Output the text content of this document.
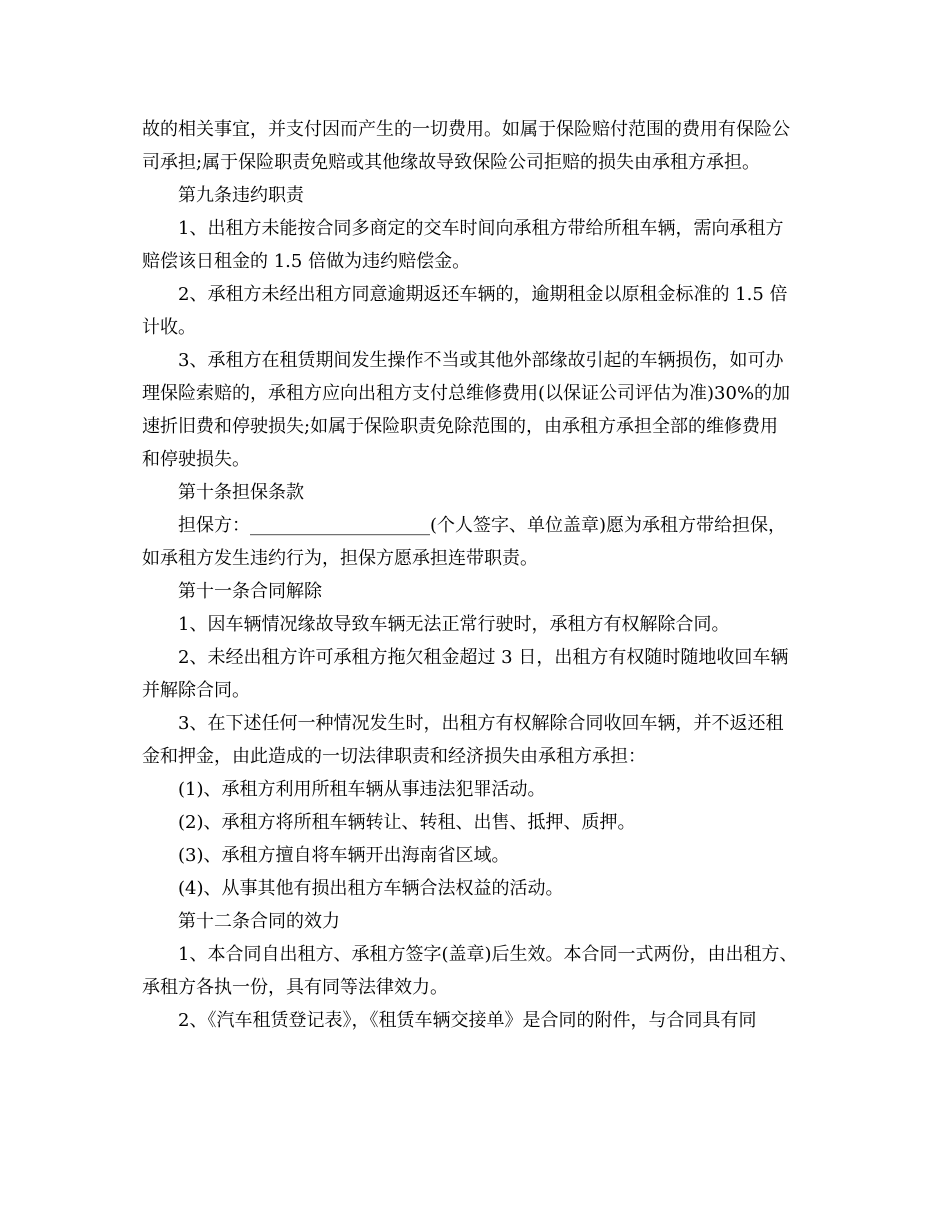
故的相关事宜，并支付因而产生的一切费用。如属于保险赔付范围的费用有保险公
司承担;属于保险职责免赔或其他缘故导致保险公司拒赔的损失由承租方承担。
第九条违约职责
1、出租方未能按合同多商定的交车时间向承租方带给所租车辆，需向承租方
赔偿该日租金的 1.5 倍做为违约赔偿金。
2、承租方未经出租方同意逾期返还车辆的，逾期租金以原租金标准的 1.5 倍
计收。
3、承租方在租赁期间发生操作不当或其他外部缘故引起的车辆损伤，如可办
理保险索赔的，承租方应向出租方支付总维修费用(以保证公司评估为准)30%的加
速折旧费和停驶损失;如属于保险职责免除范围的，由承租方承担全部的维修费用
和停驶损失。
第十条担保条款
担保方：____________________(个人签字、单位盖章)愿为承租方带给担保，
如承租方发生违约行为，担保方愿承担连带职责。
第十一条合同解除
1、因车辆情况缘故导致车辆无法正常行驶时，承租方有权解除合同。
2、未经出租方许可承租方拖欠租金超过 3 日，出租方有权随时随地收回车辆
并解除合同。
3、在下述任何一种情况发生时，出租方有权解除合同收回车辆，并不返还租
金和押金，由此造成的一切法律职责和经济损失由承租方承担：
(1)、承租方利用所租车辆从事违法犯罪活动。
(2)、承租方将所租车辆转让、转租、出售、抵押、质押。
(3)、承租方擅自将车辆开出海南省区域。
(4)、从事其他有损出租方车辆合法权益的活动。
第十二条合同的效力
1、本合同自出租方、承租方签字(盖章)后生效。本合同一式两份，由出租方、
承租方各执一份，具有同等法律效力。
2、《汽车租赁登记表》，《租赁车辆交接单》是合同的附件，与合同具有同
